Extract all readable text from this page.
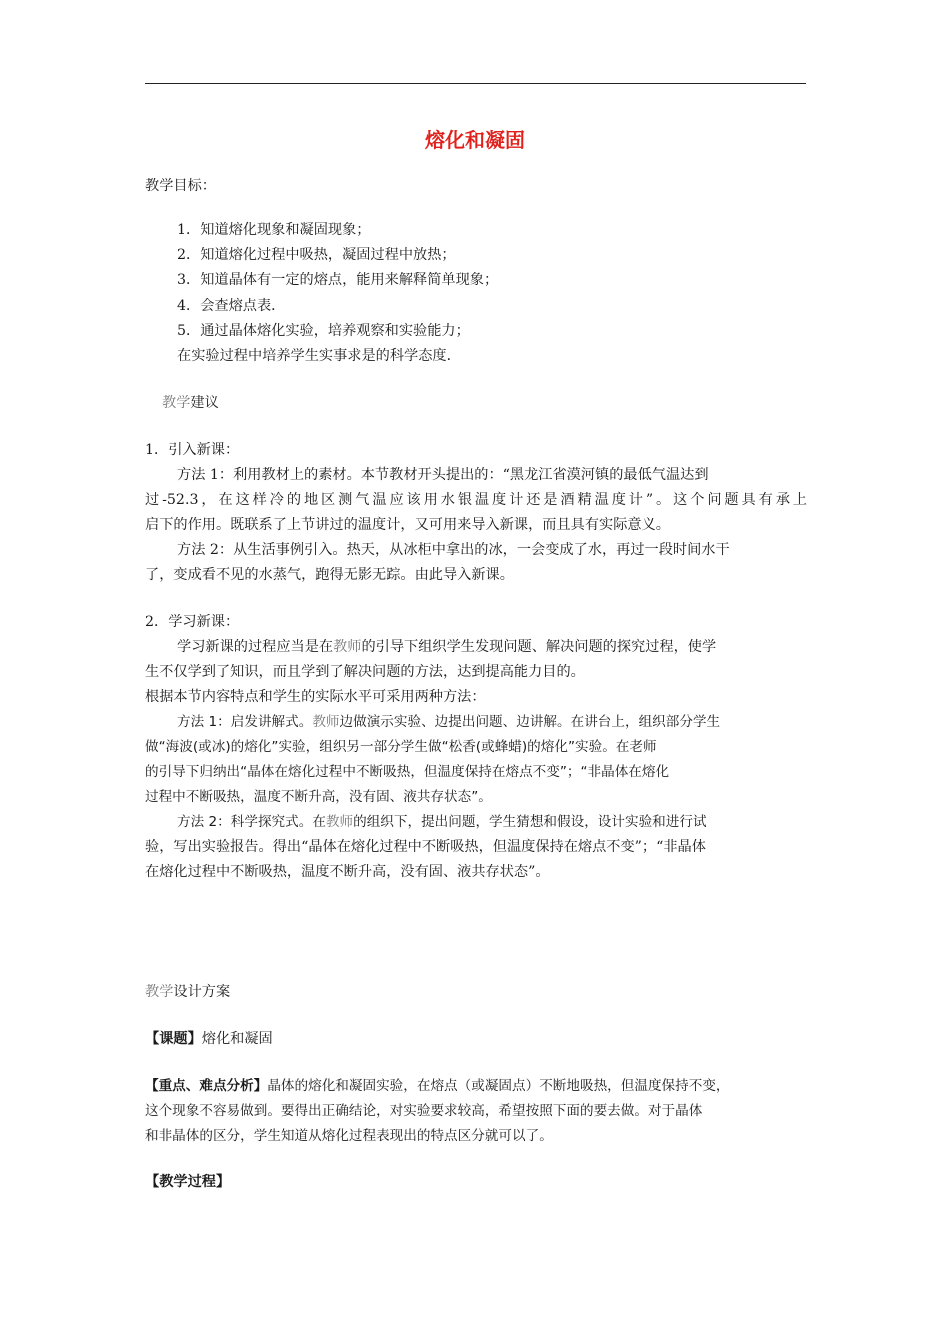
熔化和凝固
教学目标：
1．知道熔化现象和凝固现象；
2．知道熔化过程中吸热，凝固过程中放热；
3．知道晶体有一定的熔点，能用来解释简单现象；
4．会查熔点表．
5．通过晶体熔化实验，培养观察和实验能力；
在实验过程中培养学生实事求是的科学态度．
教学建议
1．引入新课：
方法 1：利用教材上的素材。本节教材开头提出的：“黑龙江省漠河镇的最低气温达到
过-52.3，在这样冷的地区测气温应该用水银温度计还是酒精温度计”。这个问题具有承上
启下的作用。既联系了上节讲过的温度计，又可用来导入新课，而且具有实际意义。
方法 2：从生活事例引入。热天，从冰柜中拿出的冰，一会变成了水，再过一段时间水干
了，变成看不见的水蒸气，跑得无影无踪。由此导入新课。
2．学习新课：
学习新课的过程应当是在教师的引导下组织学生发现问题、解决问题的探究过程，使学
生不仅学到了知识，而且学到了解决问题的方法，达到提高能力目的。
根据本节内容特点和学生的实际水平可采用两种方法：
方法 1：启发讲解式。教师边做演示实验、边提出问题、边讲解。在讲台上，组织部分学生
做“海波(或冰)的熔化”实验，组织另一部分学生做“松香(或蜂蜡)的熔化”实验。在老师
的引导下归纳出“晶体在熔化过程中不断吸热，但温度保持在熔点不变”；“非晶体在熔化
过程中不断吸热，温度不断升高，没有固、液共存状态”。
方法 2：科学探究式。在教师的组织下，提出问题，学生猜想和假设，设计实验和进行试
验，写出实验报告。得出“晶体在熔化过程中不断吸热，但温度保持在熔点不变”；“非晶体
在熔化过程中不断吸热，温度不断升高，没有固、液共存状态”。
教学设计方案
【课题】熔化和凝固
【重点、难点分析】晶体的熔化和凝固实验，在熔点（或凝固点）不断地吸热，但温度保持不变，
这个现象不容易做到。要得出正确结论，对实验要求较高，希望按照下面的要去做。对于晶体
和非晶体的区分，学生知道从熔化过程表现出的特点区分就可以了。
【教学过程】
